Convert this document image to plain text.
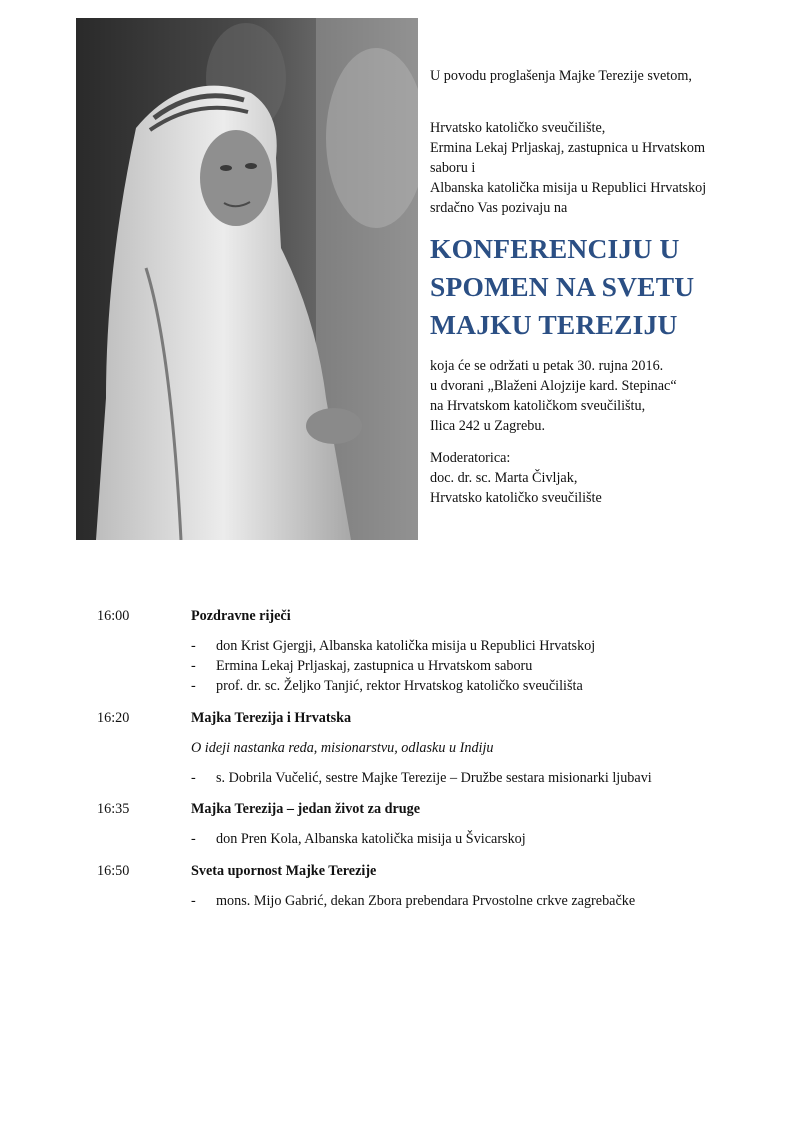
U povodu proglašenja Majke Terezije svetom,

Hrvatsko katoličko sveučilište,

Ermina Lekaj Prljaskaj, zastupnica u Hrvatskom

saboru i

Albanska katolička misija u Republici Hrvatskoj

srdačno Vas pozivaju na

KONFERENCIJU U
SPOMEN NA SVETU
MAJKU TEREZIJU
koja će se održati u petak 30. rujna 2016.
u dvorani „Blaženi Alojzije kard. Stepinac“
na Hrvatskom katoličkom sveučilištu,
Ilica 242 u Zagrebu.
Moderatorica:
doc. dr. sc. Marta Čivljak,
Hrvatsko katoličko sveučilište
16:00	Pozdravne riječi
- don Krist Gjergji, Albanska katolička misija u Republici Hrvatskoj
- Ermina Lekaj Prljaskaj, zastupnica u Hrvatskom saboru
- prof. dr. sc. Željko Tanjić, rektor Hrvatskog katoličko sveučilišta
16:20	Majka Terezija i Hrvatska
O ideji nastanka reda, misionarstvu, odlasku u Indiju
- s. Dobrila Vučelić, sestre Majke Terezije – Družbe sestara misionarki ljubavi
16:35	Majka Terezija – jedan život za druge
- don Pren Kola, Albanska katolička misija u Švicarskoj
16:50	Sveta upornost Majke Terezije
- mons. Mijo Gabrić, dekan Zbora prebendara Prvostolne crkve zagrebačke
